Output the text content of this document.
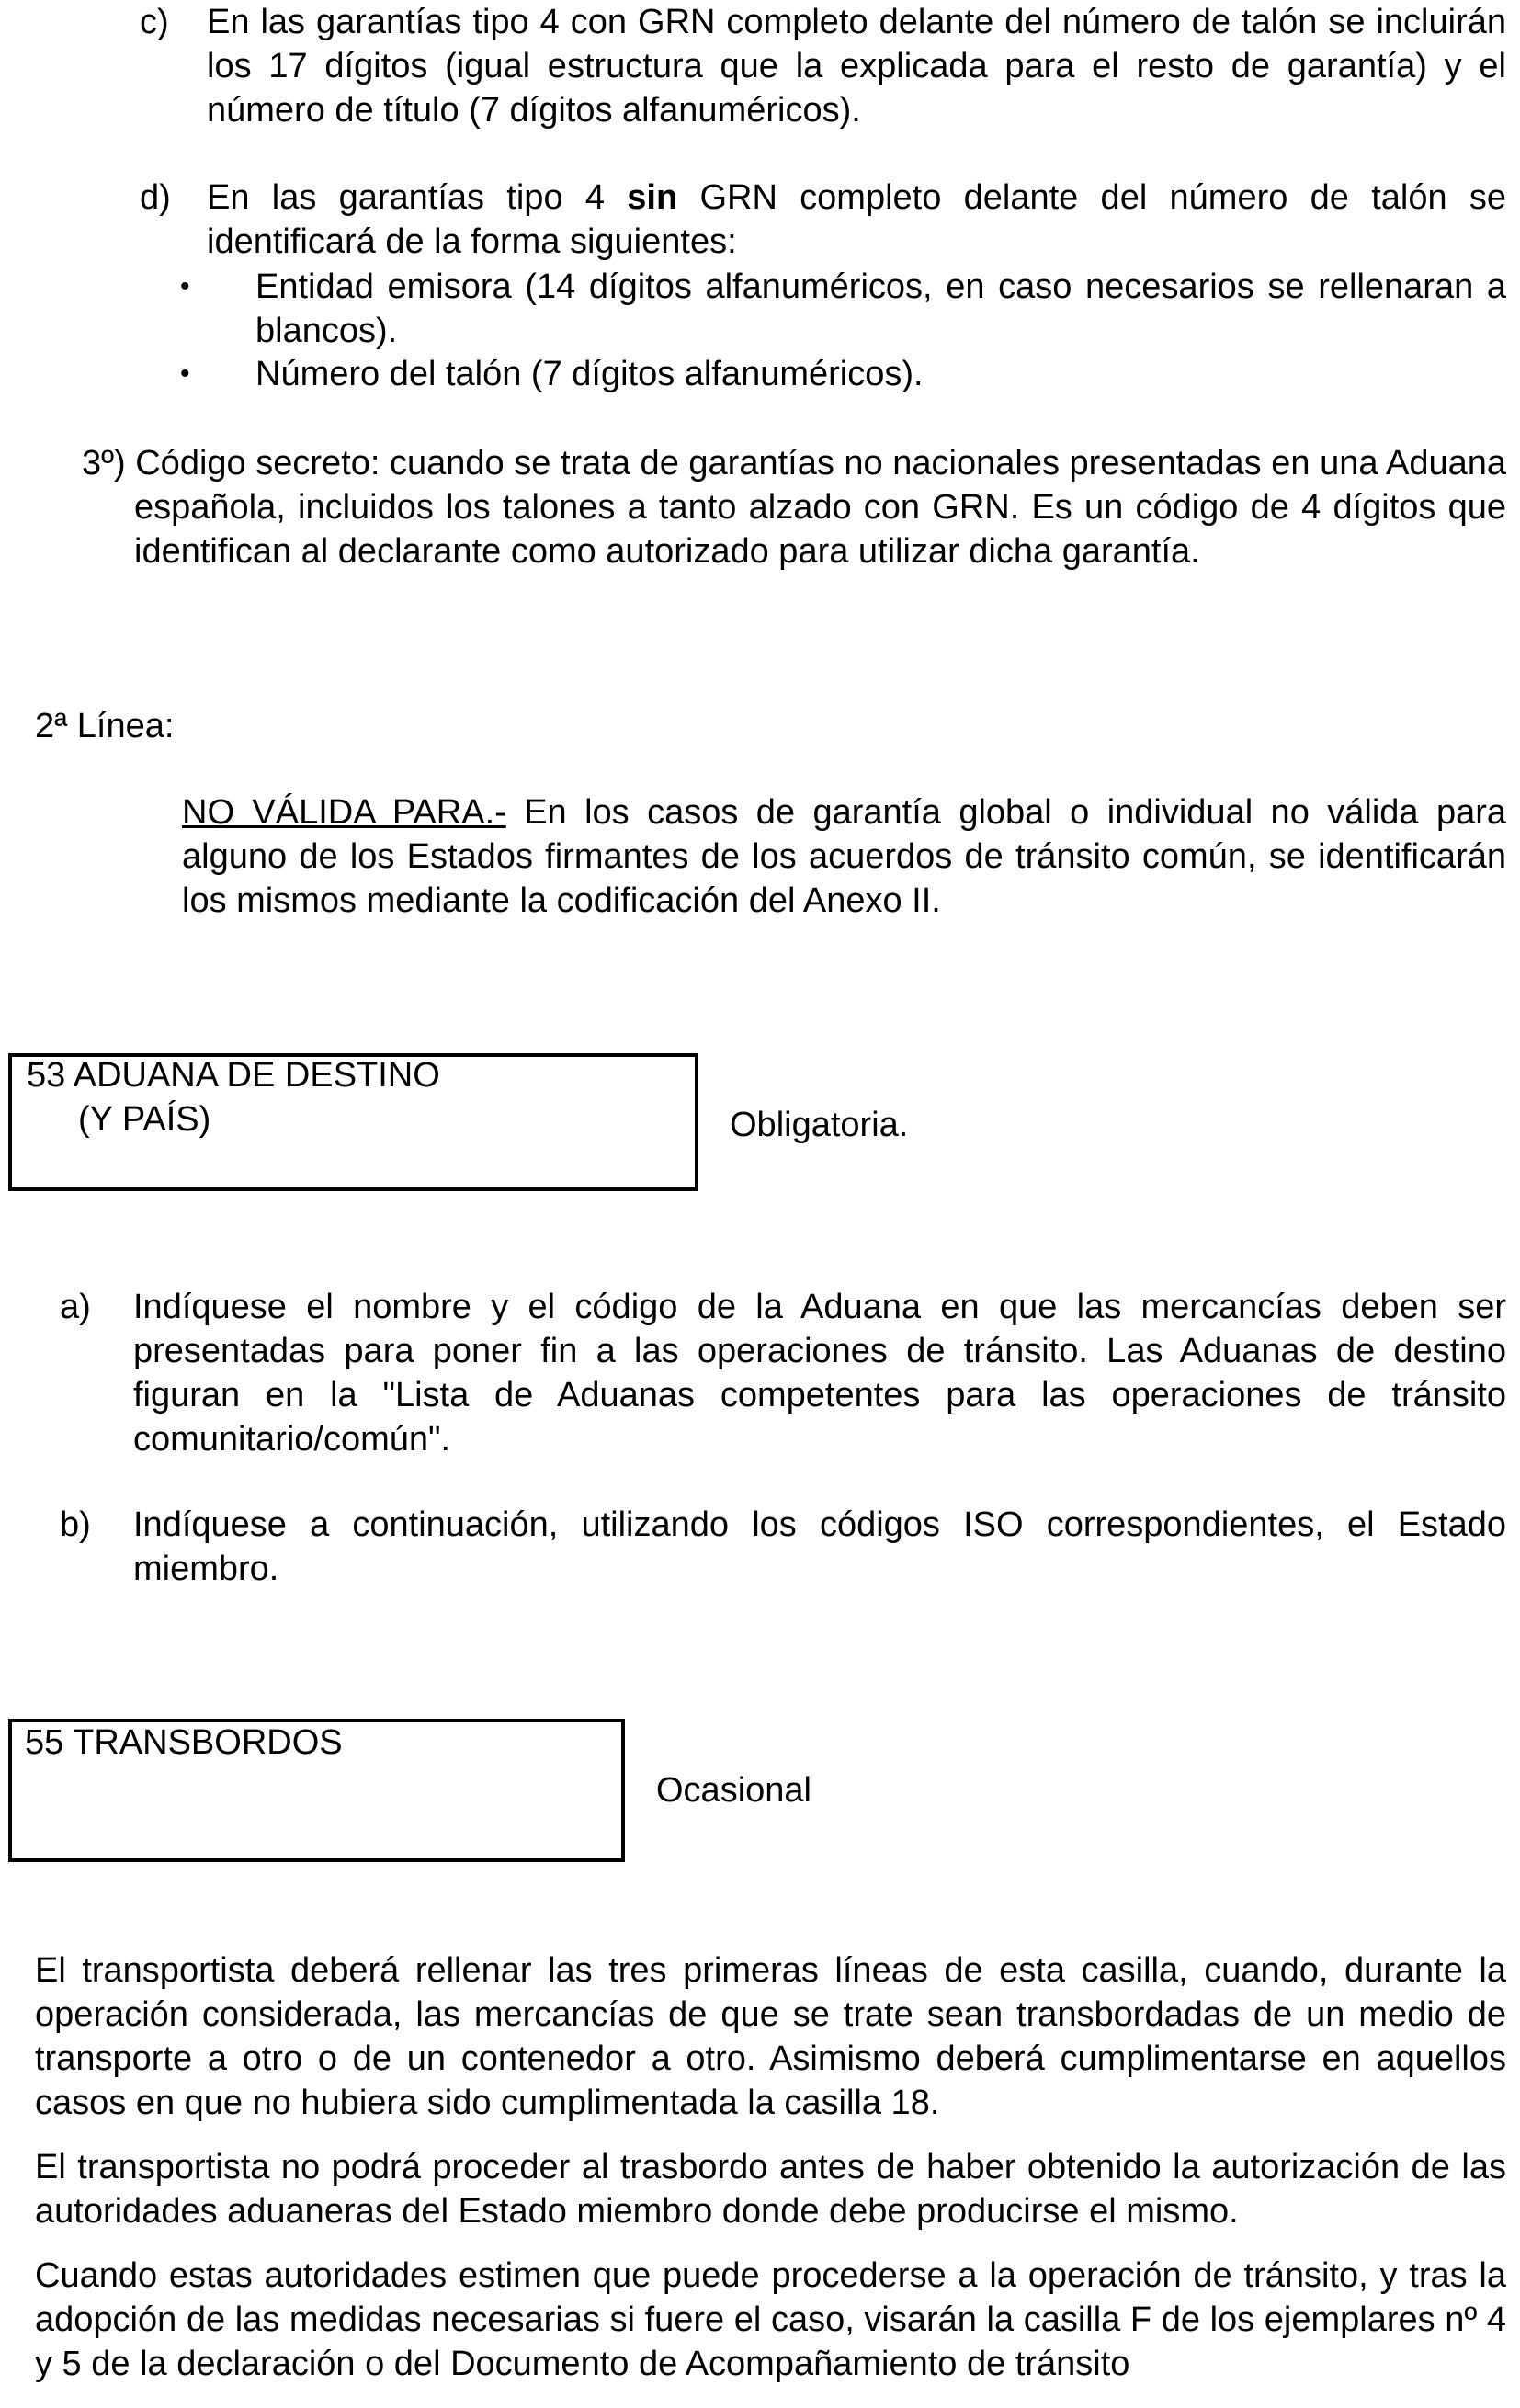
c) En las garantías tipo 4 con GRN completo delante del número de talón se incluirán los 17 dígitos (igual estructura que la explicada para el resto de garantía) y el número de título (7 dígitos alfanuméricos).
d) En las garantías tipo 4 sin GRN completo delante del número de talón se identificará de la forma siguientes:
• Entidad emisora (14 dígitos alfanuméricos, en caso necesarios se rellenaran a blancos).
• Número del talón (7 dígitos alfanuméricos).
3º) Código secreto: cuando se trata de garantías no nacionales presentadas en una Aduana española, incluidos los talones a tanto alzado con GRN. Es un código de 4 dígitos que identifican al declarante como autorizado para utilizar dicha garantía.
2ª Línea:
NO VÁLIDA PARA.- En los casos de garantía global o individual no válida para alguno de los Estados firmantes de los acuerdos de tránsito común, se identificarán los mismos mediante la codificación del Anexo II.
53 ADUANA DE DESTINO
(Y PAÍS)	Obligatoria.
a) Indíquese el nombre y el código de la Aduana en que las mercancías deben ser presentadas para poner fin a las operaciones de tránsito. Las Aduanas de destino figuran en la "Lista de Aduanas competentes para las operaciones de tránsito comunitario/común".
b) Indíquese a continuación, utilizando los códigos ISO correspondientes, el Estado miembro.
55 TRANSBORDOS
Ocasional
El transportista deberá rellenar las tres primeras líneas de esta casilla, cuando, durante la operación considerada, las mercancías de que se trate sean transbordadas de un medio de transporte a otro o de un contenedor a otro. Asimismo deberá cumplimentarse en aquellos casos en que no hubiera sido cumplimentada la casilla 18.
El transportista no podrá proceder al trasbordo antes de haber obtenido la autorización de las autoridades aduaneras del Estado miembro donde debe producirse el mismo.
Cuando estas autoridades estimen que puede procederse a la operación de tránsito, y tras la adopción de las medidas necesarias si fuere el caso, visarán la casilla F de los ejemplares nº 4 y 5 de la declaración o del Documento de Acompañamiento de tránsito
